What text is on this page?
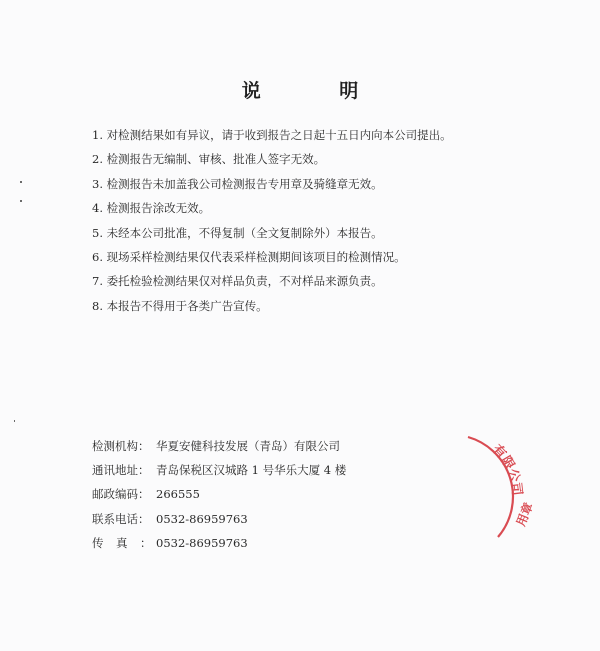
说 明
1. 对检测结果如有异议，请于收到报告之日起十五日内向本公司提出。
2. 检测报告无编制、审核、批准人签字无效。
3. 检测报告未加盖我公司检测报告专用章及骑缝章无效。
4. 检测报告涂改无效。
5. 未经本公司批准，不得复制（全文复制除外）本报告。
6. 现场采样检测结果仅代表采样检测期间该项目的检测情况。
7. 委托检验检测结果仅对样品负责，不对样品来源负责。
8. 本报告不得用于各类广告宣传。
检测机构： 华夏安健科技发展（青岛）有限公司
通讯地址： 青岛保税区汉城路 1 号华乐大厦 4 楼
邮政编码： 266555
联系电话： 0532-86959763
传真：
0532-86959763
有限公司
用章
